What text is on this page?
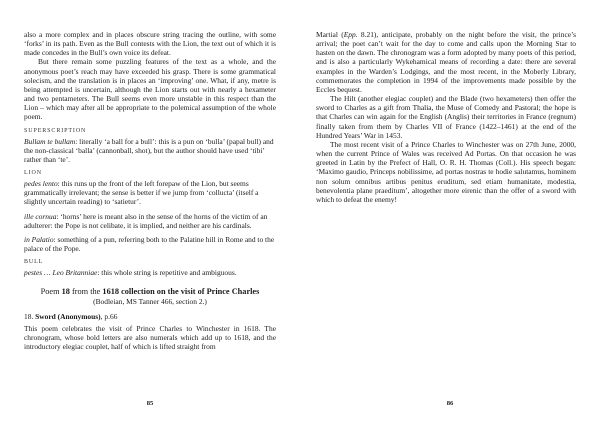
also a more complex and in places obscure string tracing the outline, with some ‘forks’ in its path. Even as the Bull contests with the Lion, the text out of which it is made concedes in the Bull’s own voice its defeat.

But there remain some puzzling features of the text as a whole, and the anonymous poet’s reach may have exceeded his grasp. There is some grammatical solecism, and the translation is in places an ‘improving’ one. What, if any, metre is being attempted is uncertain, although the Lion starts out with nearly a hexameter and two pentameters. The Bull seems even more unstable in this respect than the Lion – which may after all be appropriate to the polemical assumption of the whole poem.

SUPERSCRIPTION

Bullam te bullam: literally ‘a ball for a bull’: this is a pun on ‘bulla’ (papal bull) and the non-classical ‘balla’ (cannonball, shot), but the author should have used ‘tibi’ rather than ‘te’.

LION

pedes lento: this runs up the front of the left forepaw of the Lion, but seems grammatically irrelevant; the sense is better if we jump from ‘collucta’ (itself a slightly uncertain reading) to ‘satietur’.

ille cornua: ‘horns’ here is meant also in the sense of the horns of the victim of an adulterer: the Pope is not celibate, it is implied, and neither are his cardinals.

in Palatio: something of a pun, referring both to the Palatine hill in Rome and to the palace of the Pope.

BULL

pestes … Leo Britanniae: this whole string is repetitive and ambiguous.

Poem 18 from the 1618 collection on the visit of Prince Charles
(Bodleian, MS Tanner 466, section 2.)
18. Sword (Anonymous), p.66

This poem celebrates the visit of Prince Charles to Winchester in 1618. The chronogram, whose bold letters are also numerals which add up to 1618, and the introductory elegiac couplet, half of which is lifted straight from

85

Martial (Epp. 8.21), anticipate, probably on the night before the visit, the prince’s arrival; the poet can’t wait for the day to come and calls upon the Morning Star to hasten on the dawn. The chronogram was a form adopted by many poets of this period, and is also a particularly Wykehamical means of recording a date: there are several examples in the Warden’s Lodgings, and the most recent, in the Moberly Library, commemorates the completion in 1994 of the improvements made possible by the Eccles bequest.

The Hilt (another elegiac couplet) and the Blade (two hexameters) then offer the sword to Charles as a gift from Thalia, the Muse of Comedy and Pastoral; the hope is that Charles can win again for the English (Anglis) their territories in France (regnum) finally taken from them by Charles VII of France (1422–1461) at the end of the Hundred Years’ War in 1453.

The most recent visit of a Prince Charles to Winchester was on 27th June, 2000, when the current Prince of Wales was received Ad Portas. On that occasion he was greeted in Latin by the Prefect of Hall, O. R. H. Thomas (Coll.). His speech began: ‘Maximo gaudio, Princeps nobilissime, ad portas nostras te hodie salutamus, hominem non solum omnibus artibus penitus eruditum, sed etiam humanitate, modestia, benevolentia plane praeditum’, altogether more eirenic than the offer of a sword with which to defeat the enemy!

86
